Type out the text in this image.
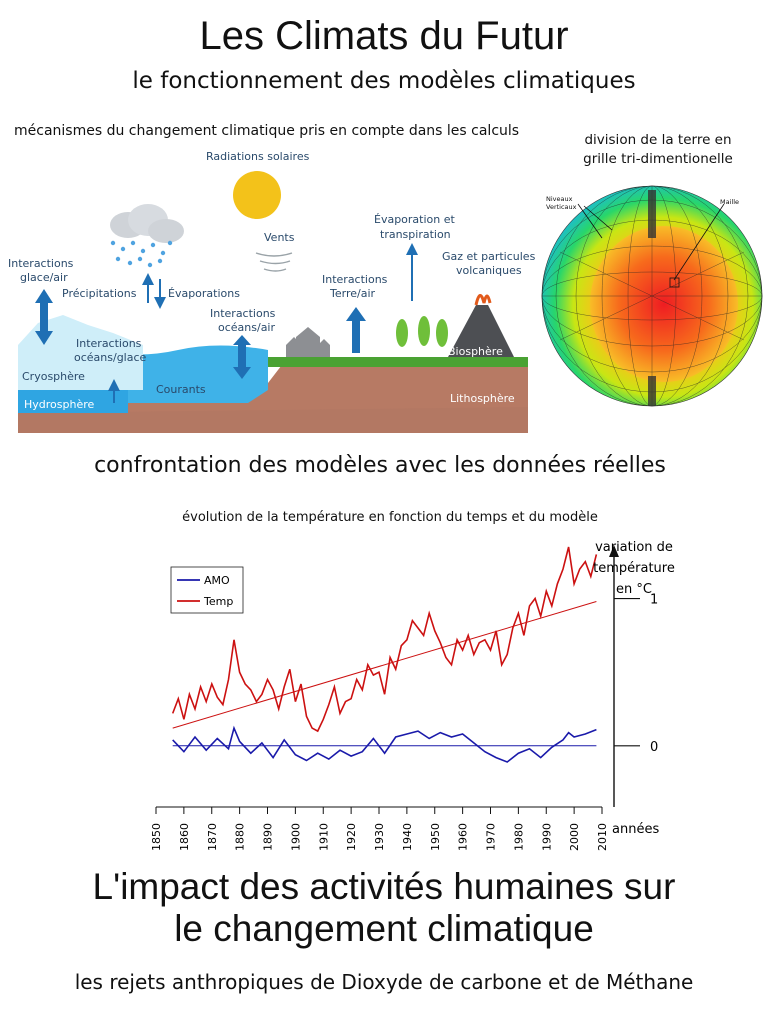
Les Climats du Futur
le fonctionnement des modèles climatiques
mécanismes du changement climatique pris en compte dans les calculs
division de la terre en
grille tri-dimentionelle
Radiations solaires
Vents
Interactions
glace/air
Précipitations	Évaporations
Interactions
océans/air
Interactions
Terre/air
Évaporation et
transpiration
Gaz et particules
volcaniques
Interactions
océans/glace
Cryosphère
Courants
Hydrosphère
Biosphère
Lithosphère
Niveaux
Verticaux
Maille
confrontation des modèles avec les données réelles
évolution de la température en fonction du temps et du modèle
AMO
Temp
1850 1860 1870 1880 1890 1900 1910 1920 1930 1940 1950 1960 1970 1980 1990 2000 2010
0
1
variation de
température
en °C
années
L'impact des activités humaines sur
le changement climatique
les rejets anthropiques de Dioxyde de carbone et de Méthane
